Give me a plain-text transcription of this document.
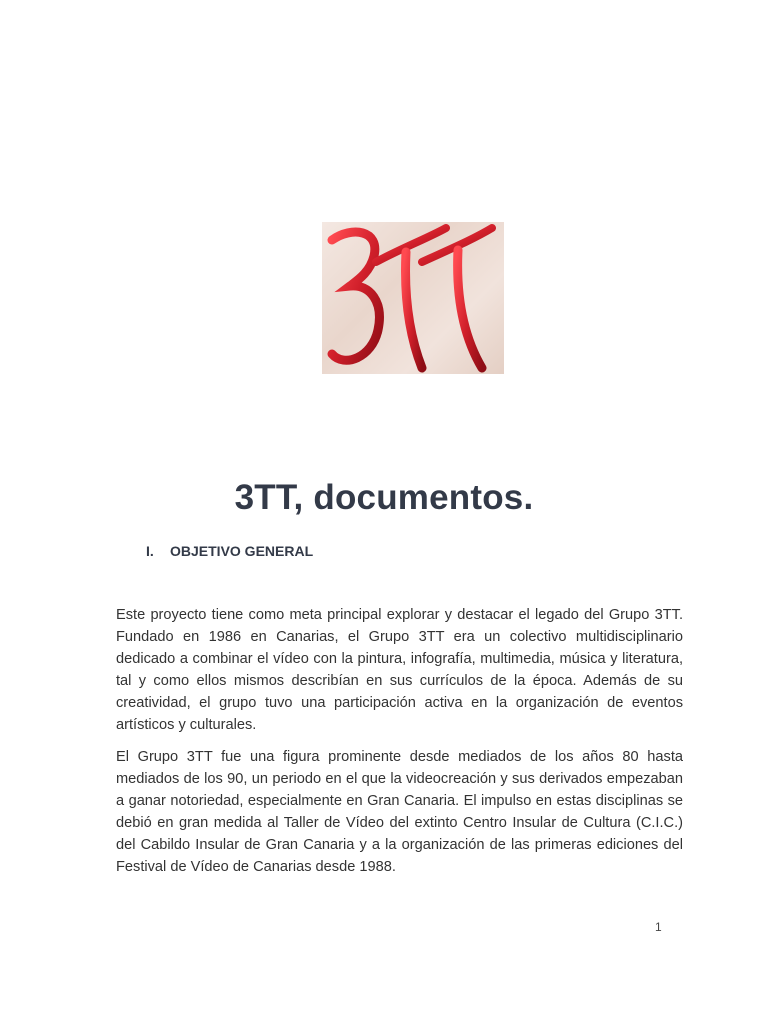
3TT, documentos.
I. OBJETIVO GENERAL

Este proyecto tiene como meta principal explorar y destacar el legado del Grupo 3TT. Fundado en 1986 en Canarias, el Grupo 3TT era un colectivo multidisciplinario dedicado a combinar el vídeo con la pintura, infografía, multimedia, música y literatura, tal y como ellos mismos describían en sus currículos de la época. Además de su creatividad, el grupo tuvo una participación activa en la organización de eventos artísticos y culturales.

El Grupo 3TT fue una figura prominente desde mediados de los años 80 hasta mediados de los 90, un periodo en el que la videocreación y sus derivados empezaban a ganar notoriedad, especialmente en Gran Canaria. El impulso en estas disciplinas se debió en gran medida al Taller de Vídeo del extinto Centro Insular de Cultura (C.I.C.) del Cabildo Insular de Gran Canaria y a la organización de las primeras ediciones del Festival de Vídeo de Canarias desde 1988.

1
